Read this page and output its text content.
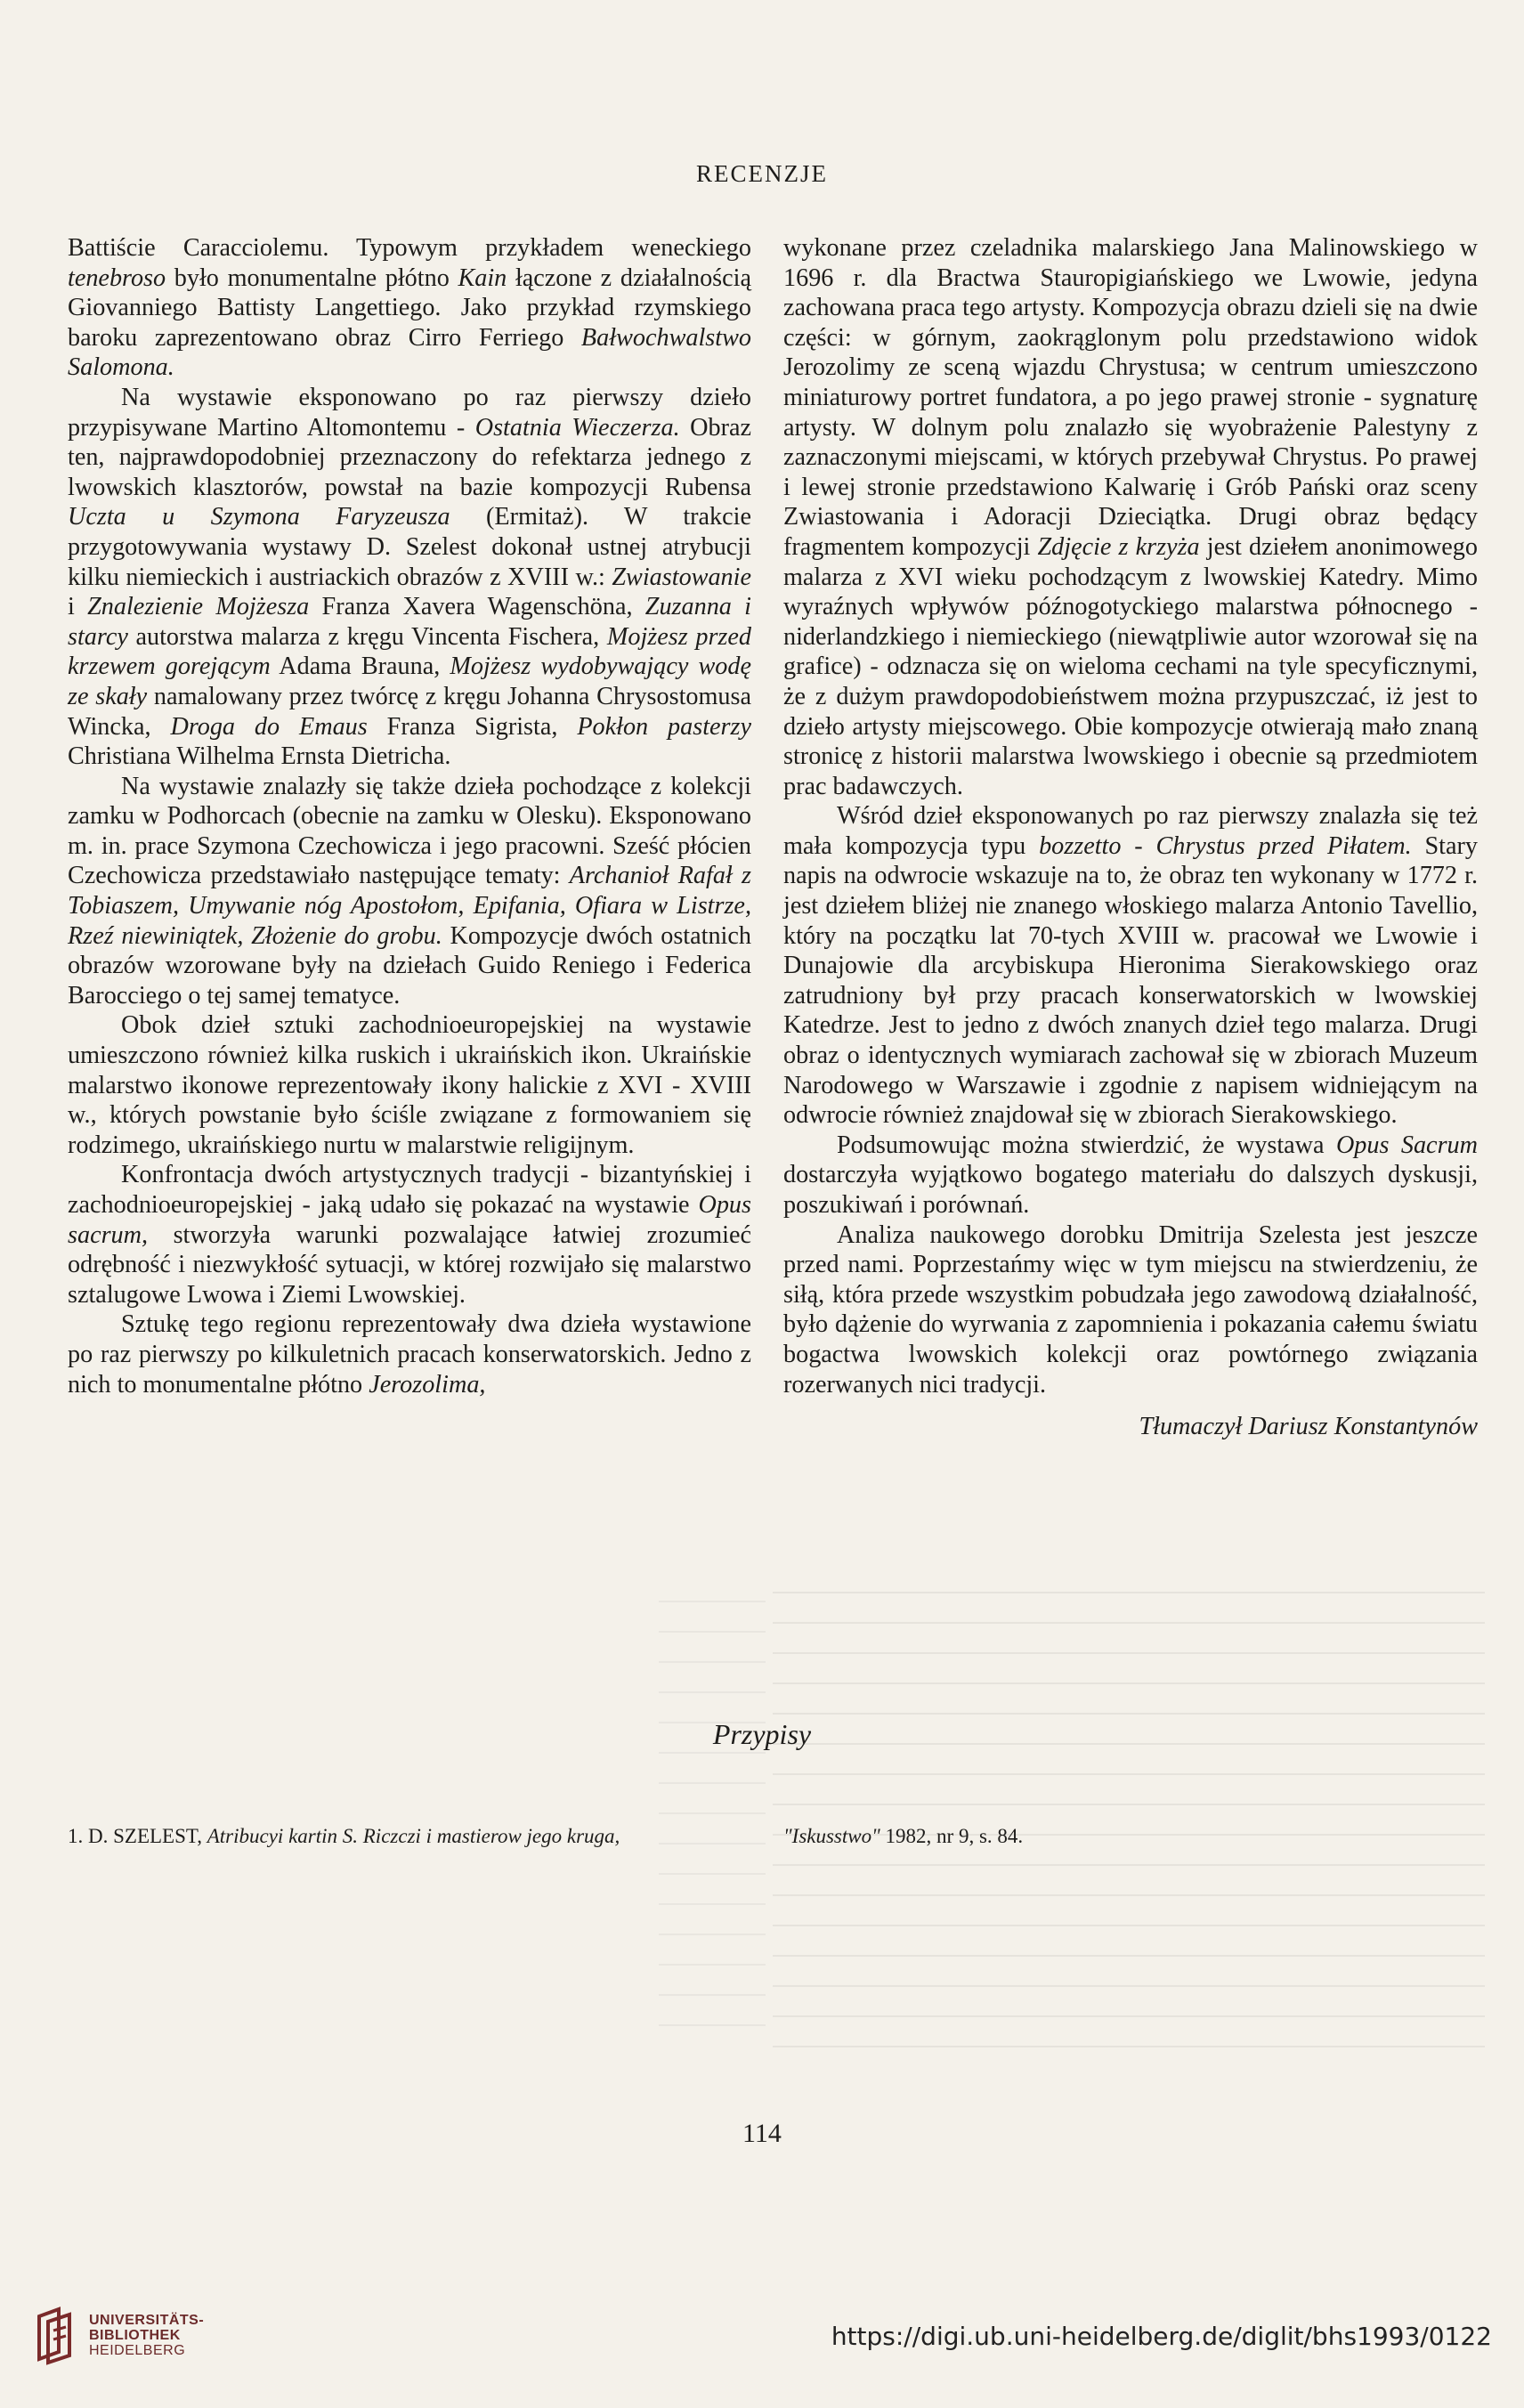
RECENZJE

Battiście Caracciolemu. Typowym przykładem weneckiego tenebroso było monumentalne płótno Kain łączone z działalnością Giovanniego Battisty Langettiego. Jako przykład rzymskiego baroku zaprezentowano obraz Cirro Ferriego Bałwochwalstwo Salomona.

Na wystawie eksponowano po raz pierwszy dzieło przypisywane Martino Altomontemu - Ostatnia Wieczerza. Obraz ten, najprawdopodobniej przeznaczony do refektarza jednego z lwowskich klasztorów, powstał na bazie kompozycji Rubensa Uczta u Szymona Faryzeusza (Ermitaż). W trakcie przygotowywania wystawy D. Szelest dokonał ustnej atrybucji kilku niemieckich i austriackich obrazów z XVIII w.: Zwiastowanie i Znalezienie Mojżesza Franza Xavera Wagenschöna, Zuzanna i starcy autorstwa malarza z kręgu Vincenta Fischera, Mojżesz przed krzewem gorejącym Adama Brauna, Mojżesz wydobywający wodę ze skały namalowany przez twórcę z kręgu Johanna Chrysostomusa Wincka, Droga do Emaus Franza Sigrista, Pokłon pasterzy Christiana Wilhelma Ernsta Dietricha.

Na wystawie znalazły się także dzieła pochodzące z kolekcji zamku w Podhorcach (obecnie na zamku w Olesku). Eksponowano m. in. prace Szymona Czechowicza i jego pracowni. Sześć płócien Czechowicza przedstawiało następujące tematy: Archanioł Rafał z Tobiaszem, Umywanie nóg Apostołom, Epifania, Ofiara w Listrze, Rzeź niewiniątek, Złożenie do grobu. Kompozycje dwóch ostatnich obrazów wzorowane były na dziełach Guido Reniego i Federica Barocciego o tej samej tematyce.

Obok dzieł sztuki zachodnioeuropejskiej na wystawie umieszczono również kilka ruskich i ukraińskich ikon. Ukraińskie malarstwo ikonowe reprezentowały ikony halickie z XVI - XVIII w., których powstanie było ściśle związane z formowaniem się rodzimego, ukraińskiego nurtu w malarstwie religijnym.

Konfrontacja dwóch artystycznych tradycji - bizantyńskiej i zachodnioeuropejskiej - jaką udało się pokazać na wystawie Opus sacrum, stworzyła warunki pozwalające łatwiej zrozumieć odrębność i niezwykłość sytuacji, w której rozwijało się malarstwo sztalugowe Lwowa i Ziemi Lwowskiej.

Sztukę tego regionu reprezentowały dwa dzieła wystawione po raz pierwszy po kilkuletnich pracach konserwatorskich. Jedno z nich to monumentalne płótno Jerozolima,

wykonane przez czeladnika malarskiego Jana Malinowskiego w 1696 r. dla Bractwa Stauropigiańskiego we Lwowie, jedyna zachowana praca tego artysty. Kompozycja obrazu dzieli się na dwie części: w górnym, zaokrąglonym polu przedstawiono widok Jerozolimy ze sceną wjazdu Chrystusa; w centrum umieszczono miniaturowy portret fundatora, a po jego prawej stronie - sygnaturę artysty. W dolnym polu znalazło się wyobrażenie Palestyny z zaznaczonymi miejscami, w których przebywał Chrystus. Po prawej i lewej stronie przedstawiono Kalwarię i Grób Pański oraz sceny Zwiastowania i Adoracji Dzieciątka. Drugi obraz będący fragmentem kompozycji Zdjęcie z krzyża jest dziełem anonimowego malarza z XVI wieku pochodzącym z lwowskiej Katedry. Mimo wyraźnych wpływów późnogotyckiego malarstwa północnego - niderlandzkiego i niemieckiego (niewątpliwie autor wzorował się na grafice) - odznacza się on wieloma cechami na tyle specyficznymi, że z dużym prawdopodobieństwem można przypuszczać, iż jest to dzieło artysty miejscowego. Obie kompozycje otwierają mało znaną stronicę z historii malarstwa lwowskiego i obecnie są przedmiotem prac badawczych.

Wśród dzieł eksponowanych po raz pierwszy znalazła się też mała kompozycja typu bozzetto - Chrystus przed Piłatem. Stary napis na odwrocie wskazuje na to, że obraz ten wykonany w 1772 r. jest dziełem bliżej nie znanego włoskiego malarza Antonio Tavellio, który na początku lat 70-tych XVIII w. pracował we Lwowie i Dunajowie dla arcybiskupa Hieronima Sierakowskiego oraz zatrudniony był przy pracach konserwatorskich w lwowskiej Katedrze. Jest to jedno z dwóch znanych dzieł tego malarza. Drugi obraz o identycznych wymiarach zachował się w zbiorach Muzeum Narodowego w Warszawie i zgodnie z napisem widniejącym na odwrocie również znajdował się w zbiorach Sierakowskiego.

Podsumowując można stwierdzić, że wystawa Opus Sacrum dostarczyła wyjątkowo bogatego materiału do dalszych dyskusji, poszukiwań i porównań.

Analiza naukowego dorobku Dmitrija Szelesta jest jeszcze przed nami. Poprzestańmy więc w tym miejscu na stwierdzeniu, że siłą, która przede wszystkim pobudzała jego zawodową działalność, było dążenie do wyrwania z zapomnienia i pokazania całemu światu bogactwa lwowskich kolekcji oraz powtórnego związania rozerwanych nici tradycji.

Tłumaczył Dariusz Konstantynów

Przypisy
1. D. SZELEST, Atribucyi kartin S. Riczczi i mastierow jego kruga,	"Iskusstwo" 1982, nr 9, s. 84.
114
UNIVERSITÄTS-
BIBLIOTHEK
HEIDELBERG	https://digi.ub.uni-heidelberg.de/diglit/bhs1993/0122
